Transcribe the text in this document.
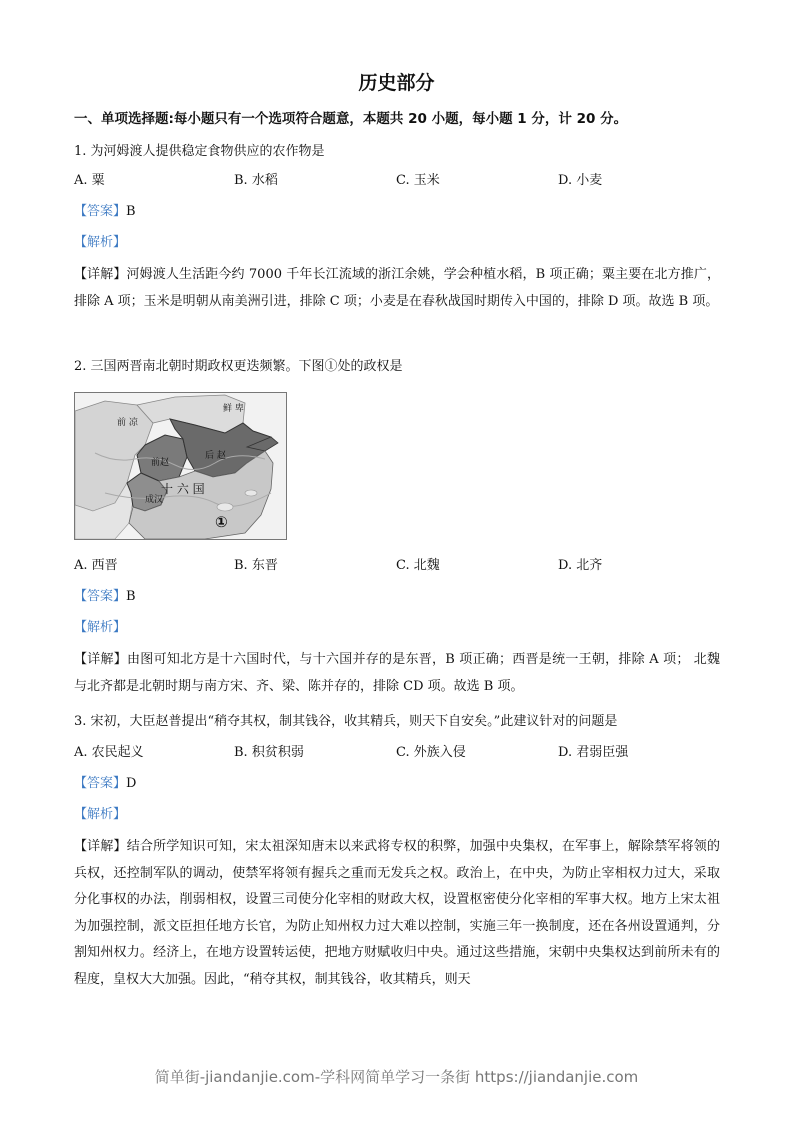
历史部分
一、单项选择题:每小题只有一个选项符合题意，本题共 20 小题，每小题 1 分，计 20 分。
1. 为河姆渡人提供稳定食物供应的农作物是
A. 粟	B. 水稻	C. 玉米	D. 小麦
【答案】B
【解析】
【详解】河姆渡人生活距今约 7000 千年长江流域的浙江余姚，学会种植水稻，B 项正确；粟主要在北方推广，排除 A 项；玉米是明朝从南美洲引进，排除 C 项；小麦是在春秋战国时期传入中国的，排除 D 项。故选 B 项。
2. 三国两晋南北朝时期政权更迭频繁。下图①处的政权是
鲜 卑
前 凉
前赵
后 赵
成汉
十 六 国
①
A. 西晋	B. 东晋	C. 北魏	D. 北齐
【答案】B
【解析】
【详解】由图可知北方是十六国时代，与十六国并存的是东晋，B 项正确；西晋是统一王朝，排除 A 项； 北魏与北齐都是北朝时期与南方宋、齐、梁、陈并存的，排除 CD 项。故选 B 项。
3. 宋初，大臣赵普提出“稍夺其权，制其钱谷，收其精兵，则天下自安矣。”此建议针对的问题是
A. 农民起义	B. 积贫积弱	C. 外族入侵	D. 君弱臣强
【答案】D
【解析】
【详解】结合所学知识可知，宋太祖深知唐末以来武将专权的积弊，加强中央集权，在军事上，解除禁军将领的兵权，还控制军队的调动，使禁军将领有握兵之重而无发兵之权。政治上，在中央，为防止宰相权力过大，采取分化事权的办法，削弱相权，设置三司使分化宰相的财政大权，设置枢密使分化宰相的军事大权。地方上宋太祖为加强控制，派文臣担任地方长官，为防止知州权力过大难以控制，实施三年一换制度，还在各州设置通判，分割知州权力。经济上，在地方设置转运使，把地方财赋收归中央。通过这些措施，宋朝中央集权达到前所未有的程度，皇权大大加强。因此，“稍夺其权，制其钱谷，收其精兵，则天
简单街-jiandanjie.com-学科网简单学习一条街 https://jiandanjie.com
